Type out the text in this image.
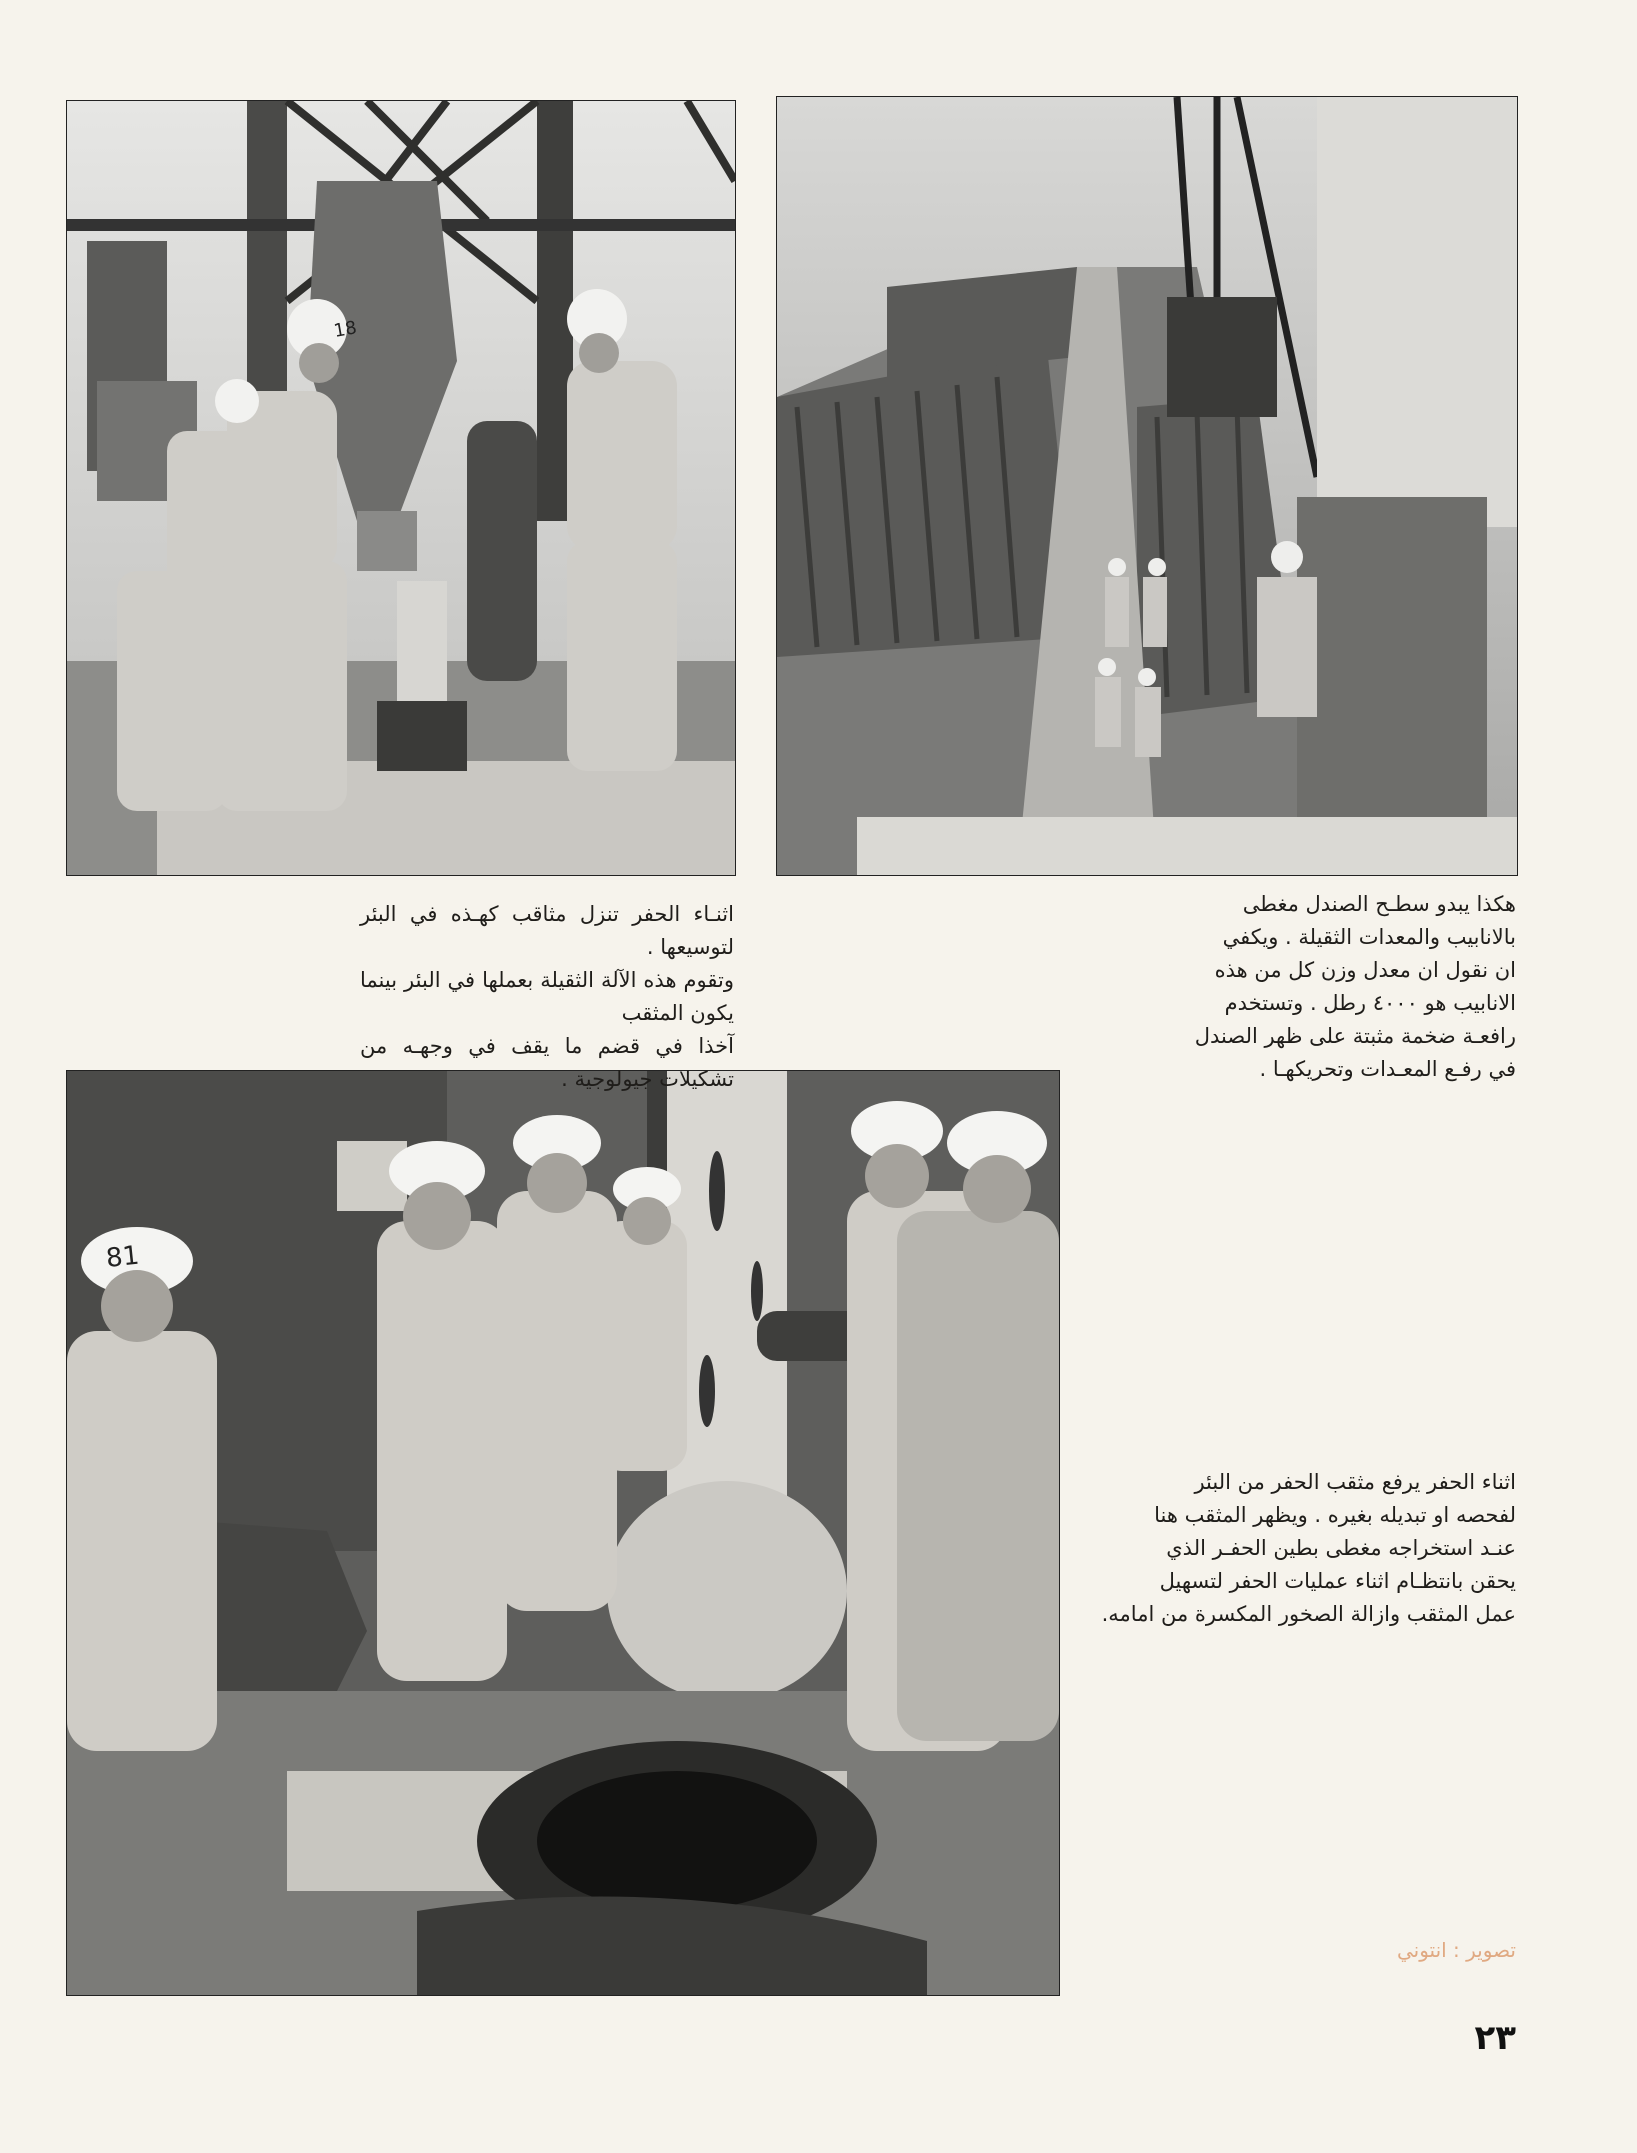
18
81

اثنـاء الحفر تنزل مثاقب كهـذه في البئر لتوسيعها .

وتقوم هذه الآلة الثقيلة بعملها في البئر بينما يكون المثقب

آخذا في قضم ما يقف في وجهـه من تشكيلات جيولوجية .

هكذا يبدو سطـح الصندل مغطى

بالانابيب والمعدات الثقيلة . ويكفي

ان نقول ان معدل وزن كل من هذه

الانابيب هو ٤٠٠٠ رطل . وتستخدم

رافعـة ضخمة مثبتة على ظهر الصندل

في رفـع المعـدات وتحريكهـا .

اثناء الحفر يرفع مثقب الحفر من البئر

لفحصه او تبديله بغيره . ويظهر المثقب هنا

عنـد استخراجه مغطى بطين الحفـر الذي

يحقن بانتظـام اثناء عمليات الحفر لتسهيل

عمل المثقب وازالة الصخور المكسرة من امامه.

تصوير : انتوني
٢٣
